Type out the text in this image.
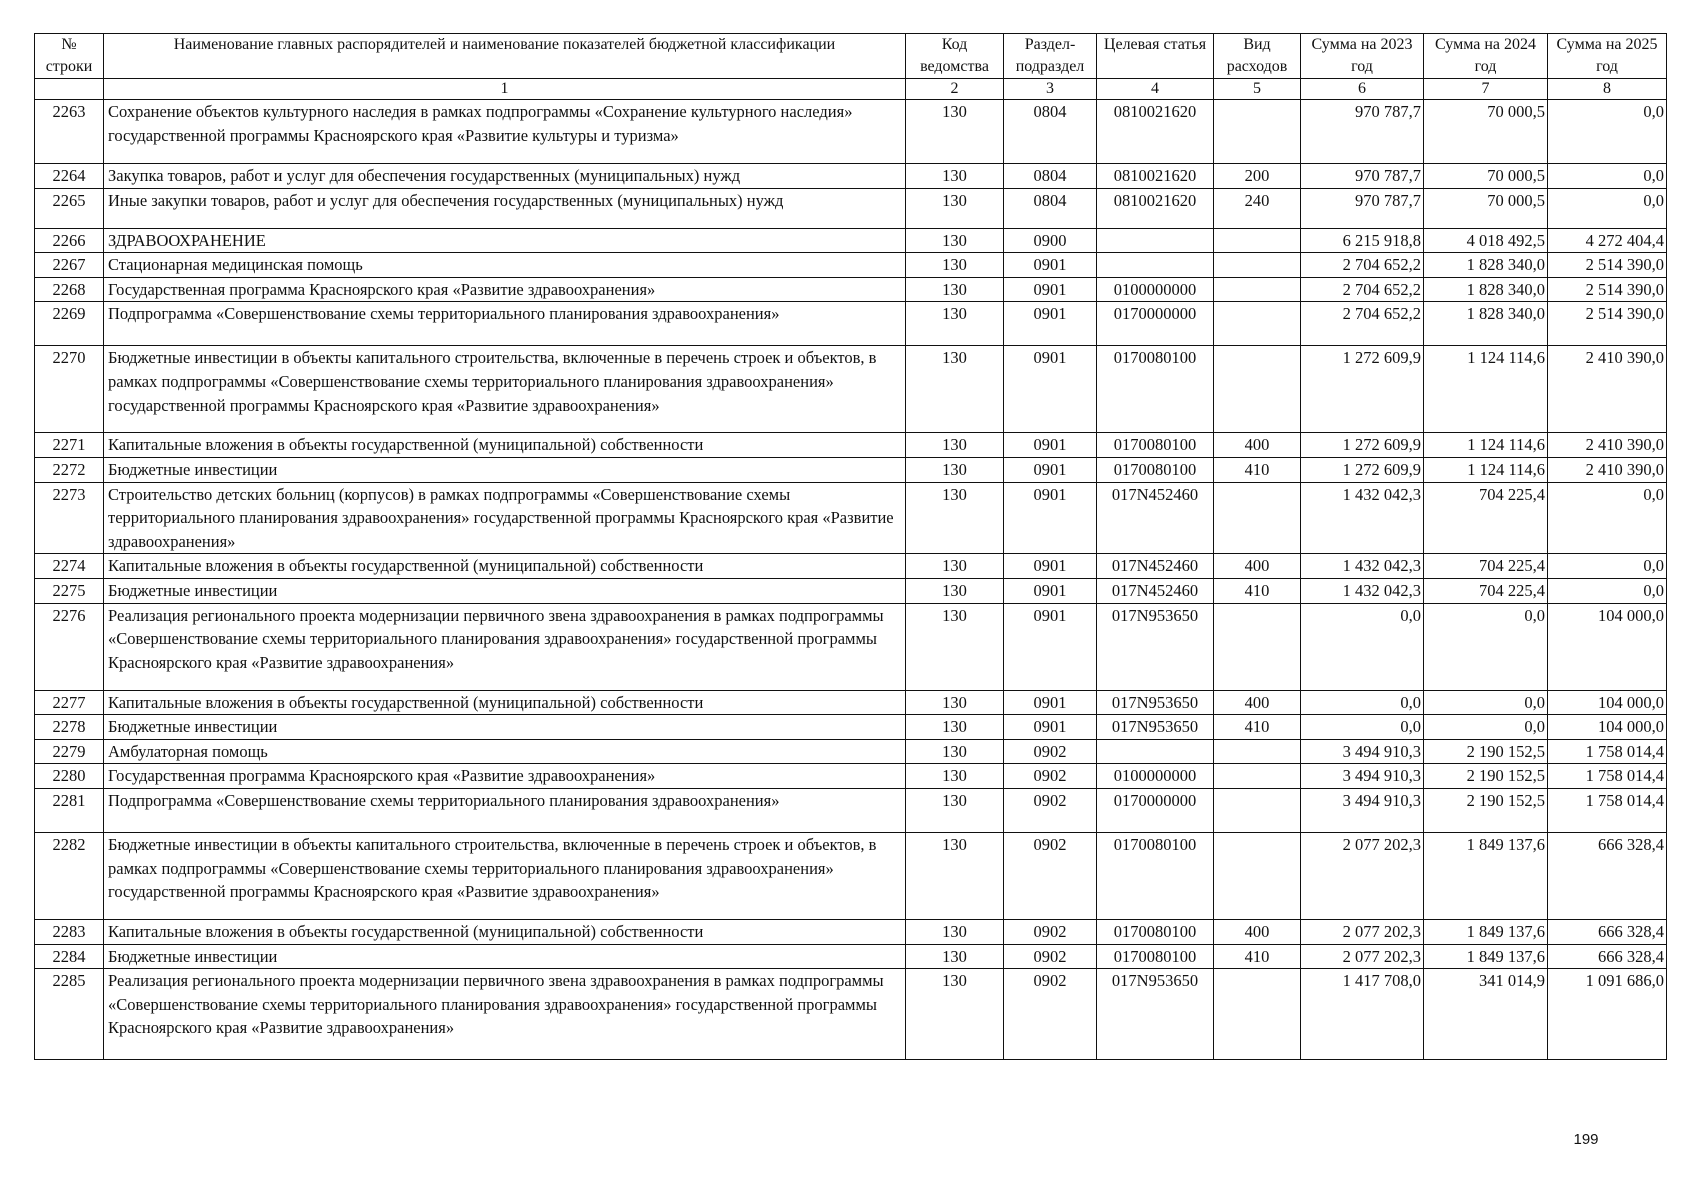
№ строки	Наименование главных распорядителей и наименование показателей бюджетной классификации	Код ведомства	Раздел-подраздел	Целевая статья	Вид расходов	Сумма на 2023 год	Сумма на 2024 год	Сумма на 2025 год
	1	2	3	4	5	6	7	8
2263	Сохранение объектов культурного наследия в рамках подпрограммы «Сохранение культурного наследия» государственной программы Красноярского края «Развитие культуры и туризма»	130	0804	0810021620		970 787,7	70 000,5	0,0
2264	Закупка товаров, работ и услуг для обеспечения государственных (муниципальных) нужд	130	0804	0810021620	200	970 787,7	70 000,5	0,0
2265	Иные закупки товаров, работ и услуг для обеспечения государственных (муниципальных) нужд	130	0804	0810021620	240	970 787,7	70 000,5	0,0
2266	ЗДРАВООХРАНЕНИЕ	130	0900			6 215 918,8	4 018 492,5	4 272 404,4
2267	Стационарная медицинская помощь	130	0901			2 704 652,2	1 828 340,0	2 514 390,0
2268	Государственная программа Красноярского края «Развитие здравоохранения»	130	0901	0100000000		2 704 652,2	1 828 340,0	2 514 390,0
2269	Подпрограмма «Совершенствование схемы территориального планирования здравоохранения»	130	0901	0170000000		2 704 652,2	1 828 340,0	2 514 390,0
2270	Бюджетные инвестиции в объекты капитального строительства, включенные в перечень строек и объектов, в рамках подпрограммы «Совершенствование схемы территориального планирования здравоохранения» государственной программы Красноярского края «Развитие здравоохранения»	130	0901	0170080100		1 272 609,9	1 124 114,6	2 410 390,0
2271	Капитальные вложения в объекты государственной (муниципальной) собственности	130	0901	0170080100	400	1 272 609,9	1 124 114,6	2 410 390,0
2272	Бюджетные инвестиции	130	0901	0170080100	410	1 272 609,9	1 124 114,6	2 410 390,0
2273	Строительство детских больниц (корпусов) в рамках подпрограммы «Совершенствование схемы территориального планирования здравоохранения» государственной программы Красноярского края «Развитие здравоохранения»	130	0901	017N452460		1 432 042,3	704 225,4	0,0
2274	Капитальные вложения в объекты государственной (муниципальной) собственности	130	0901	017N452460	400	1 432 042,3	704 225,4	0,0
2275	Бюджетные инвестиции	130	0901	017N452460	410	1 432 042,3	704 225,4	0,0
2276	Реализация регионального проекта модернизации первичного звена здравоохранения в рамках подпрограммы «Совершенствование схемы территориального планирования здравоохранения» государственной программы Красноярского края «Развитие здравоохранения»	130	0901	017N953650		0,0	0,0	104 000,0
2277	Капитальные вложения в объекты государственной (муниципальной) собственности	130	0901	017N953650	400	0,0	0,0	104 000,0
2278	Бюджетные инвестиции	130	0901	017N953650	410	0,0	0,0	104 000,0
2279	Амбулаторная помощь	130	0902			3 494 910,3	2 190 152,5	1 758 014,4
2280	Государственная программа Красноярского края «Развитие здравоохранения»	130	0902	0100000000		3 494 910,3	2 190 152,5	1 758 014,4
2281	Подпрограмма «Совершенствование схемы территориального планирования здравоохранения»	130	0902	0170000000		3 494 910,3	2 190 152,5	1 758 014,4
2282	Бюджетные инвестиции в объекты капитального строительства, включенные в перечень строек и объектов, в рамках подпрограммы «Совершенствование схемы территориального планирования здравоохранения» государственной программы Красноярского края «Развитие здравоохранения»	130	0902	0170080100		2 077 202,3	1 849 137,6	666 328,4
2283	Капитальные вложения в объекты государственной (муниципальной) собственности	130	0902	0170080100	400	2 077 202,3	1 849 137,6	666 328,4
2284	Бюджетные инвестиции	130	0902	0170080100	410	2 077 202,3	1 849 137,6	666 328,4
2285	Реализация регионального проекта модернизации первичного звена здравоохранения в рамках подпрограммы «Совершенствование схемы территориального планирования здравоохранения» государственной программы Красноярского края «Развитие здравоохранения»	130	0902	017N953650		1 417 708,0	341 014,9	1 091 686,0
199
